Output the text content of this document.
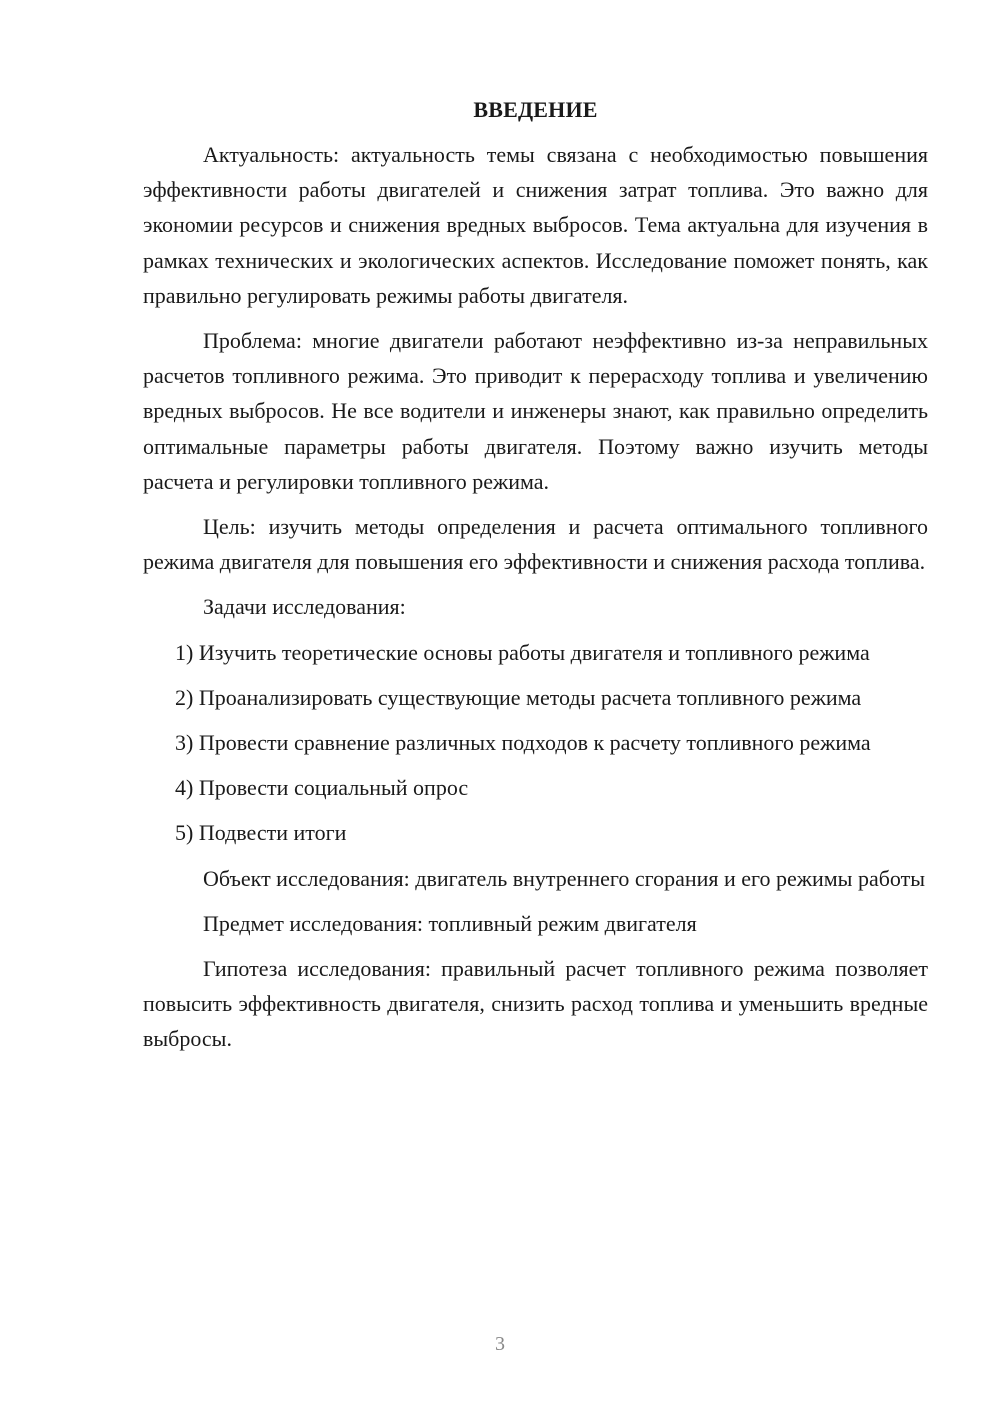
ВВЕДЕНИЕ

Актуальность: актуальность темы связана с необходимостью повышения эффективности работы двигателей и снижения затрат топлива. Это важно для экономии ресурсов и снижения вредных выбросов. Тема актуальна для изучения в рамках технических и экологических аспектов. Исследование поможет понять, как правильно регулировать режимы работы двигателя.

Проблема: многие двигатели работают неэффективно из-за неправильных расчетов топливного режима. Это приводит к перерасходу топлива и увеличению вредных выбросов. Не все водители и инженеры знают, как правильно определить оптимальные параметры работы двигателя. Поэтому важно изучить методы расчета и регулировки топливного режима.

Цель: изучить методы определения и расчета оптимального топливного режима двигателя для повышения его эффективности и снижения расхода топлива.

Задачи исследования:

1) Изучить теоретические основы работы двигателя и топливного режима

2) Проанализировать существующие методы расчета топливного режима

3) Провести сравнение различных подходов к расчету топливного режима

4) Провести социальный опрос

5) Подвести итоги

Объект исследования: двигатель внутреннего сгорания и его режимы работы

Предмет исследования: топливный режим двигателя

Гипотеза исследования: правильный расчет топливного режима позволяет повысить эффективность двигателя, снизить расход топлива и уменьшить вредные выбросы.

3
